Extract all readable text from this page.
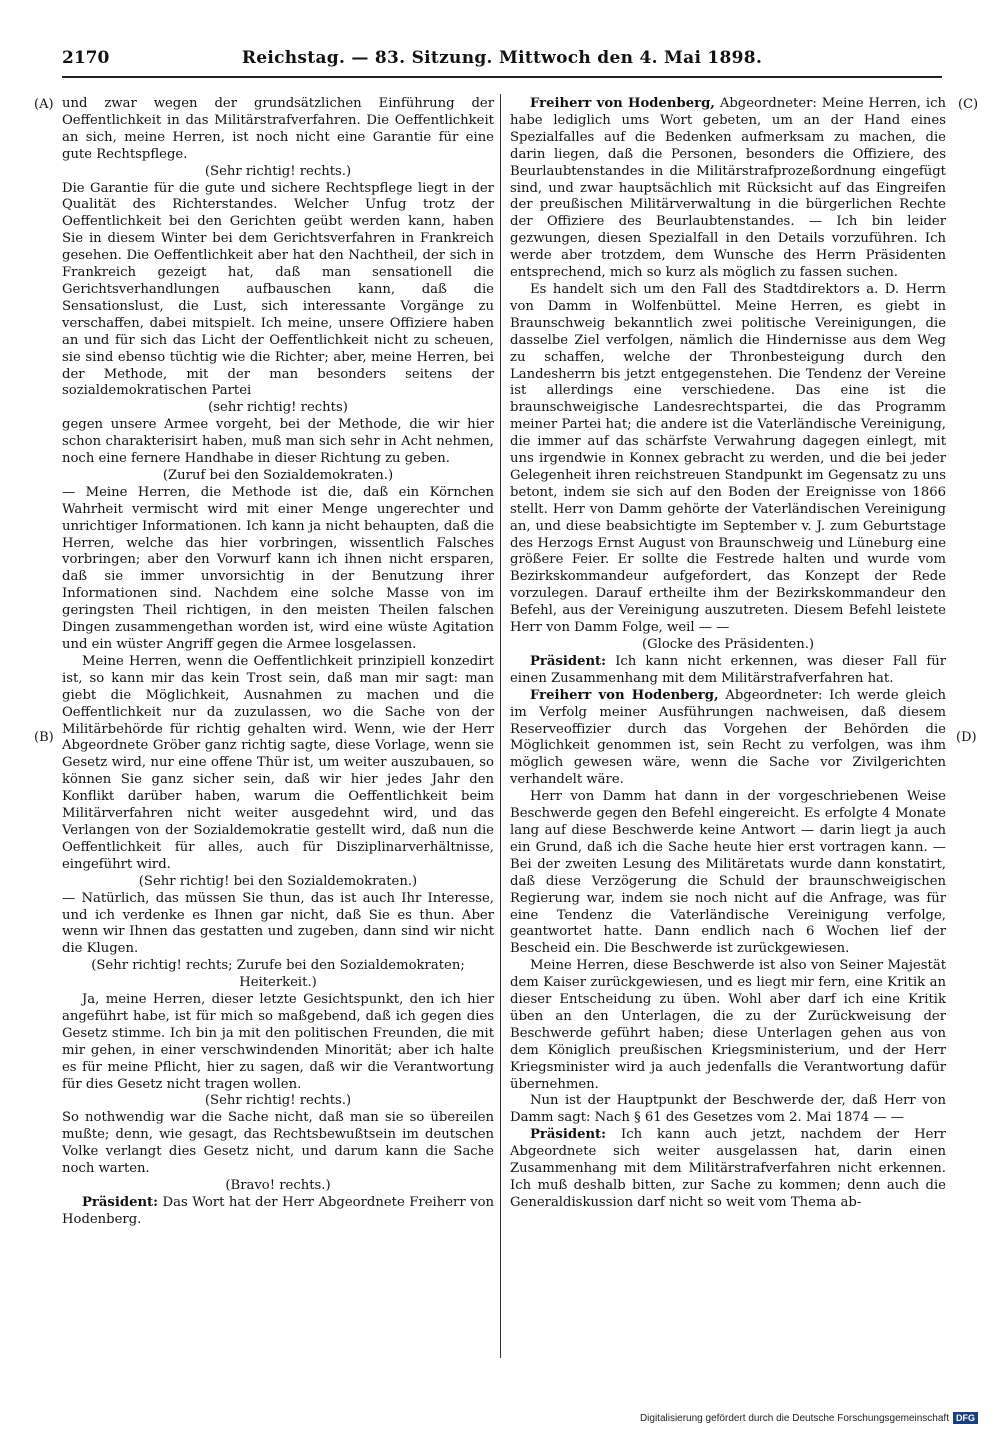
2170	Reichstag. — 83. Sitzung. Mittwoch den 4. Mai 1898.
(A)
(B)
(C)
(D)

und zwar wegen der grundsätzlichen Einführung der Oeffentlichkeit in das Militärstrafverfahren. Die Oeffentlichkeit an sich, meine Herren, ist noch nicht eine Garantie für eine gute Rechtspflege.

(Sehr richtig! rechts.)

Die Garantie für die gute und sichere Rechtspflege liegt in der Qualität des Richterstandes. Welcher Unfug trotz der Oeffentlichkeit bei den Gerichten geübt werden kann, haben Sie in diesem Winter bei dem Gerichtsverfahren in Frankreich gesehen. Die Oeffentlichkeit aber hat den Nachtheil, der sich in Frankreich gezeigt hat, daß man sensationell die Gerichtsverhandlungen aufbauschen kann, daß die Sensationslust, die Lust, sich interessante Vorgänge zu verschaffen, dabei mitspielt. Ich meine, unsere Offiziere haben an und für sich das Licht der Oeffentlichkeit nicht zu scheuen, sie sind ebenso tüchtig wie die Richter; aber, meine Herren, bei der Methode, mit der man besonders seitens der sozialdemokratischen Partei

(sehr richtig! rechts)

gegen unsere Armee vorgeht, bei der Methode, die wir hier schon charakterisirt haben, muß man sich sehr in Acht nehmen, noch eine fernere Handhabe in dieser Richtung zu geben.

(Zuruf bei den Sozialdemokraten.)

— Meine Herren, die Methode ist die, daß ein Körnchen Wahrheit vermischt wird mit einer Menge ungerechter und unrichtiger Informationen. Ich kann ja nicht behaupten, daß die Herren, welche das hier vorbringen, wissentlich Falsches vorbringen; aber den Vorwurf kann ich ihnen nicht ersparen, daß sie immer unvorsichtig in der Benutzung ihrer Informationen sind. Nachdem eine solche Masse von im geringsten Theil richtigen, in den meisten Theilen falschen Dingen zusammengethan worden ist, wird eine wüste Agitation und ein wüster Angriff gegen die Armee losgelassen.

Meine Herren, wenn die Oeffentlichkeit prinzipiell konzedirt ist, so kann mir das kein Trost sein, daß man mir sagt: man giebt die Möglichkeit, Ausnahmen zu machen und die Oeffentlichkeit nur da zuzulassen, wo die Sache von der Militärbehörde für richtig gehalten wird. Wenn, wie der Herr Abgeordnete Gröber ganz richtig sagte, diese Vorlage, wenn sie Gesetz wird, nur eine offene Thür ist, um weiter auszubauen, so können Sie ganz sicher sein, daß wir hier jedes Jahr den Konflikt darüber haben, warum die Oeffentlichkeit beim Militärverfahren nicht weiter ausgedehnt wird, und das Verlangen von der Sozialdemokratie gestellt wird, daß nun die Oeffentlichkeit für alles, auch für Disziplinarverhältnisse, eingeführt wird.

(Sehr richtig! bei den Sozialdemokraten.)

— Natürlich, das müssen Sie thun, das ist auch Ihr Interesse, und ich verdenke es Ihnen gar nicht, daß Sie es thun. Aber wenn wir Ihnen das gestatten und zugeben, dann sind wir nicht die Klugen.

(Sehr richtig! rechts; Zurufe bei den Sozialdemokraten; Heiterkeit.)

Ja, meine Herren, dieser letzte Gesichtspunkt, den ich hier angeführt habe, ist für mich so maßgebend, daß ich gegen dies Gesetz stimme. Ich bin ja mit den politischen Freunden, die mit mir gehen, in einer verschwindenden Minorität; aber ich halte es für meine Pflicht, hier zu sagen, daß wir die Verantwortung für dies Gesetz nicht tragen wollen.

(Sehr richtig! rechts.)

So nothwendig war die Sache nicht, daß man sie so übereilen mußte; denn, wie gesagt, das Rechtsbewußtsein im deutschen Volke verlangt dies Gesetz nicht, und darum kann die Sache noch warten.

(Bravo! rechts.)

Präsident: Das Wort hat der Herr Abgeordnete Freiherr von Hodenberg.

Freiherr von Hodenberg, Abgeordneter: Meine Herren, ich habe lediglich ums Wort gebeten, um an der Hand eines Spezialfalles auf die Bedenken aufmerksam zu machen, die darin liegen, daß die Personen, besonders die Offiziere, des Beurlaubtenstandes in die Militärstrafprozeßordnung eingefügt sind, und zwar hauptsächlich mit Rücksicht auf das Eingreifen der preußischen Militärverwaltung in die bürgerlichen Rechte der Offiziere des Beurlaubtenstandes. — Ich bin leider gezwungen, diesen Spezialfall in den Details vorzuführen. Ich werde aber trotzdem, dem Wunsche des Herrn Präsidenten entsprechend, mich so kurz als möglich zu fassen suchen.

Es handelt sich um den Fall des Stadtdirektors a. D. Herrn von Damm in Wolfenbüttel. Meine Herren, es giebt in Braunschweig bekanntlich zwei politische Vereinigungen, die dasselbe Ziel verfolgen, nämlich die Hindernisse aus dem Weg zu schaffen, welche der Thronbesteigung durch den Landesherrn bis jetzt entgegenstehen. Die Tendenz der Vereine ist allerdings eine verschiedene. Das eine ist die braunschweigische Landesrechtspartei, die das Programm meiner Partei hat; die andere ist die Vaterländische Vereinigung, die immer auf das schärfste Verwahrung dagegen einlegt, mit uns irgendwie in Konnex gebracht zu werden, und die bei jeder Gelegenheit ihren reichstreuen Standpunkt im Gegensatz zu uns betont, indem sie sich auf den Boden der Ereignisse von 1866 stellt. Herr von Damm gehörte der Vaterländischen Vereinigung an, und diese beabsichtigte im September v. J. zum Geburtstage des Herzogs Ernst August von Braunschweig und Lüneburg eine größere Feier. Er sollte die Festrede halten und wurde vom Bezirkskommandeur aufgefordert, das Konzept der Rede vorzulegen. Darauf ertheilte ihm der Bezirkskommandeur den Befehl, aus der Vereinigung auszutreten. Diesem Befehl leistete Herr von Damm Folge, weil — —

(Glocke des Präsidenten.)

Präsident: Ich kann nicht erkennen, was dieser Fall für einen Zusammenhang mit dem Militärstrafverfahren hat.

Freiherr von Hodenberg, Abgeordneter: Ich werde gleich im Verfolg meiner Ausführungen nachweisen, daß diesem Reserveoffizier durch das Vorgehen der Behörden die Möglichkeit genommen ist, sein Recht zu verfolgen, was ihm möglich gewesen wäre, wenn die Sache vor Zivilgerichten verhandelt wäre.

Herr von Damm hat dann in der vorgeschriebenen Weise Beschwerde gegen den Befehl eingereicht. Es erfolgte 4 Monate lang auf diese Beschwerde keine Antwort — darin liegt ja auch ein Grund, daß ich die Sache heute hier erst vortragen kann. — Bei der zweiten Lesung des Militäretats wurde dann konstatirt, daß diese Verzögerung die Schuld der braunschweigischen Regierung war, indem sie noch nicht auf die Anfrage, was für eine Tendenz die Vaterländische Vereinigung verfolge, geantwortet hatte. Dann endlich nach 6 Wochen lief der Bescheid ein. Die Beschwerde ist zurückgewiesen.

Meine Herren, diese Beschwerde ist also von Seiner Majestät dem Kaiser zurückgewiesen, und es liegt mir fern, eine Kritik an dieser Entscheidung zu üben. Wohl aber darf ich eine Kritik üben an den Unterlagen, die zu der Zurückweisung der Beschwerde geführt haben; diese Unterlagen gehen aus von dem Königlich preußischen Kriegsministerium, und der Herr Kriegsminister wird ja auch jedenfalls die Verantwortung dafür übernehmen.

Nun ist der Hauptpunkt der Beschwerde der, daß Herr von Damm sagt: Nach § 61 des Gesetzes vom 2. Mai 1874 — —

Präsident: Ich kann auch jetzt, nachdem der Herr Abgeordnete sich weiter ausgelassen hat, darin einen Zusammenhang mit dem Militärstrafverfahren nicht erkennen. Ich muß deshalb bitten, zur Sache zu kommen; denn auch die Generaldiskussion darf nicht so weit vom Thema ab-

Digitalisierung gefördert durch die Deutsche Forschungsgemeinschaft DFG
